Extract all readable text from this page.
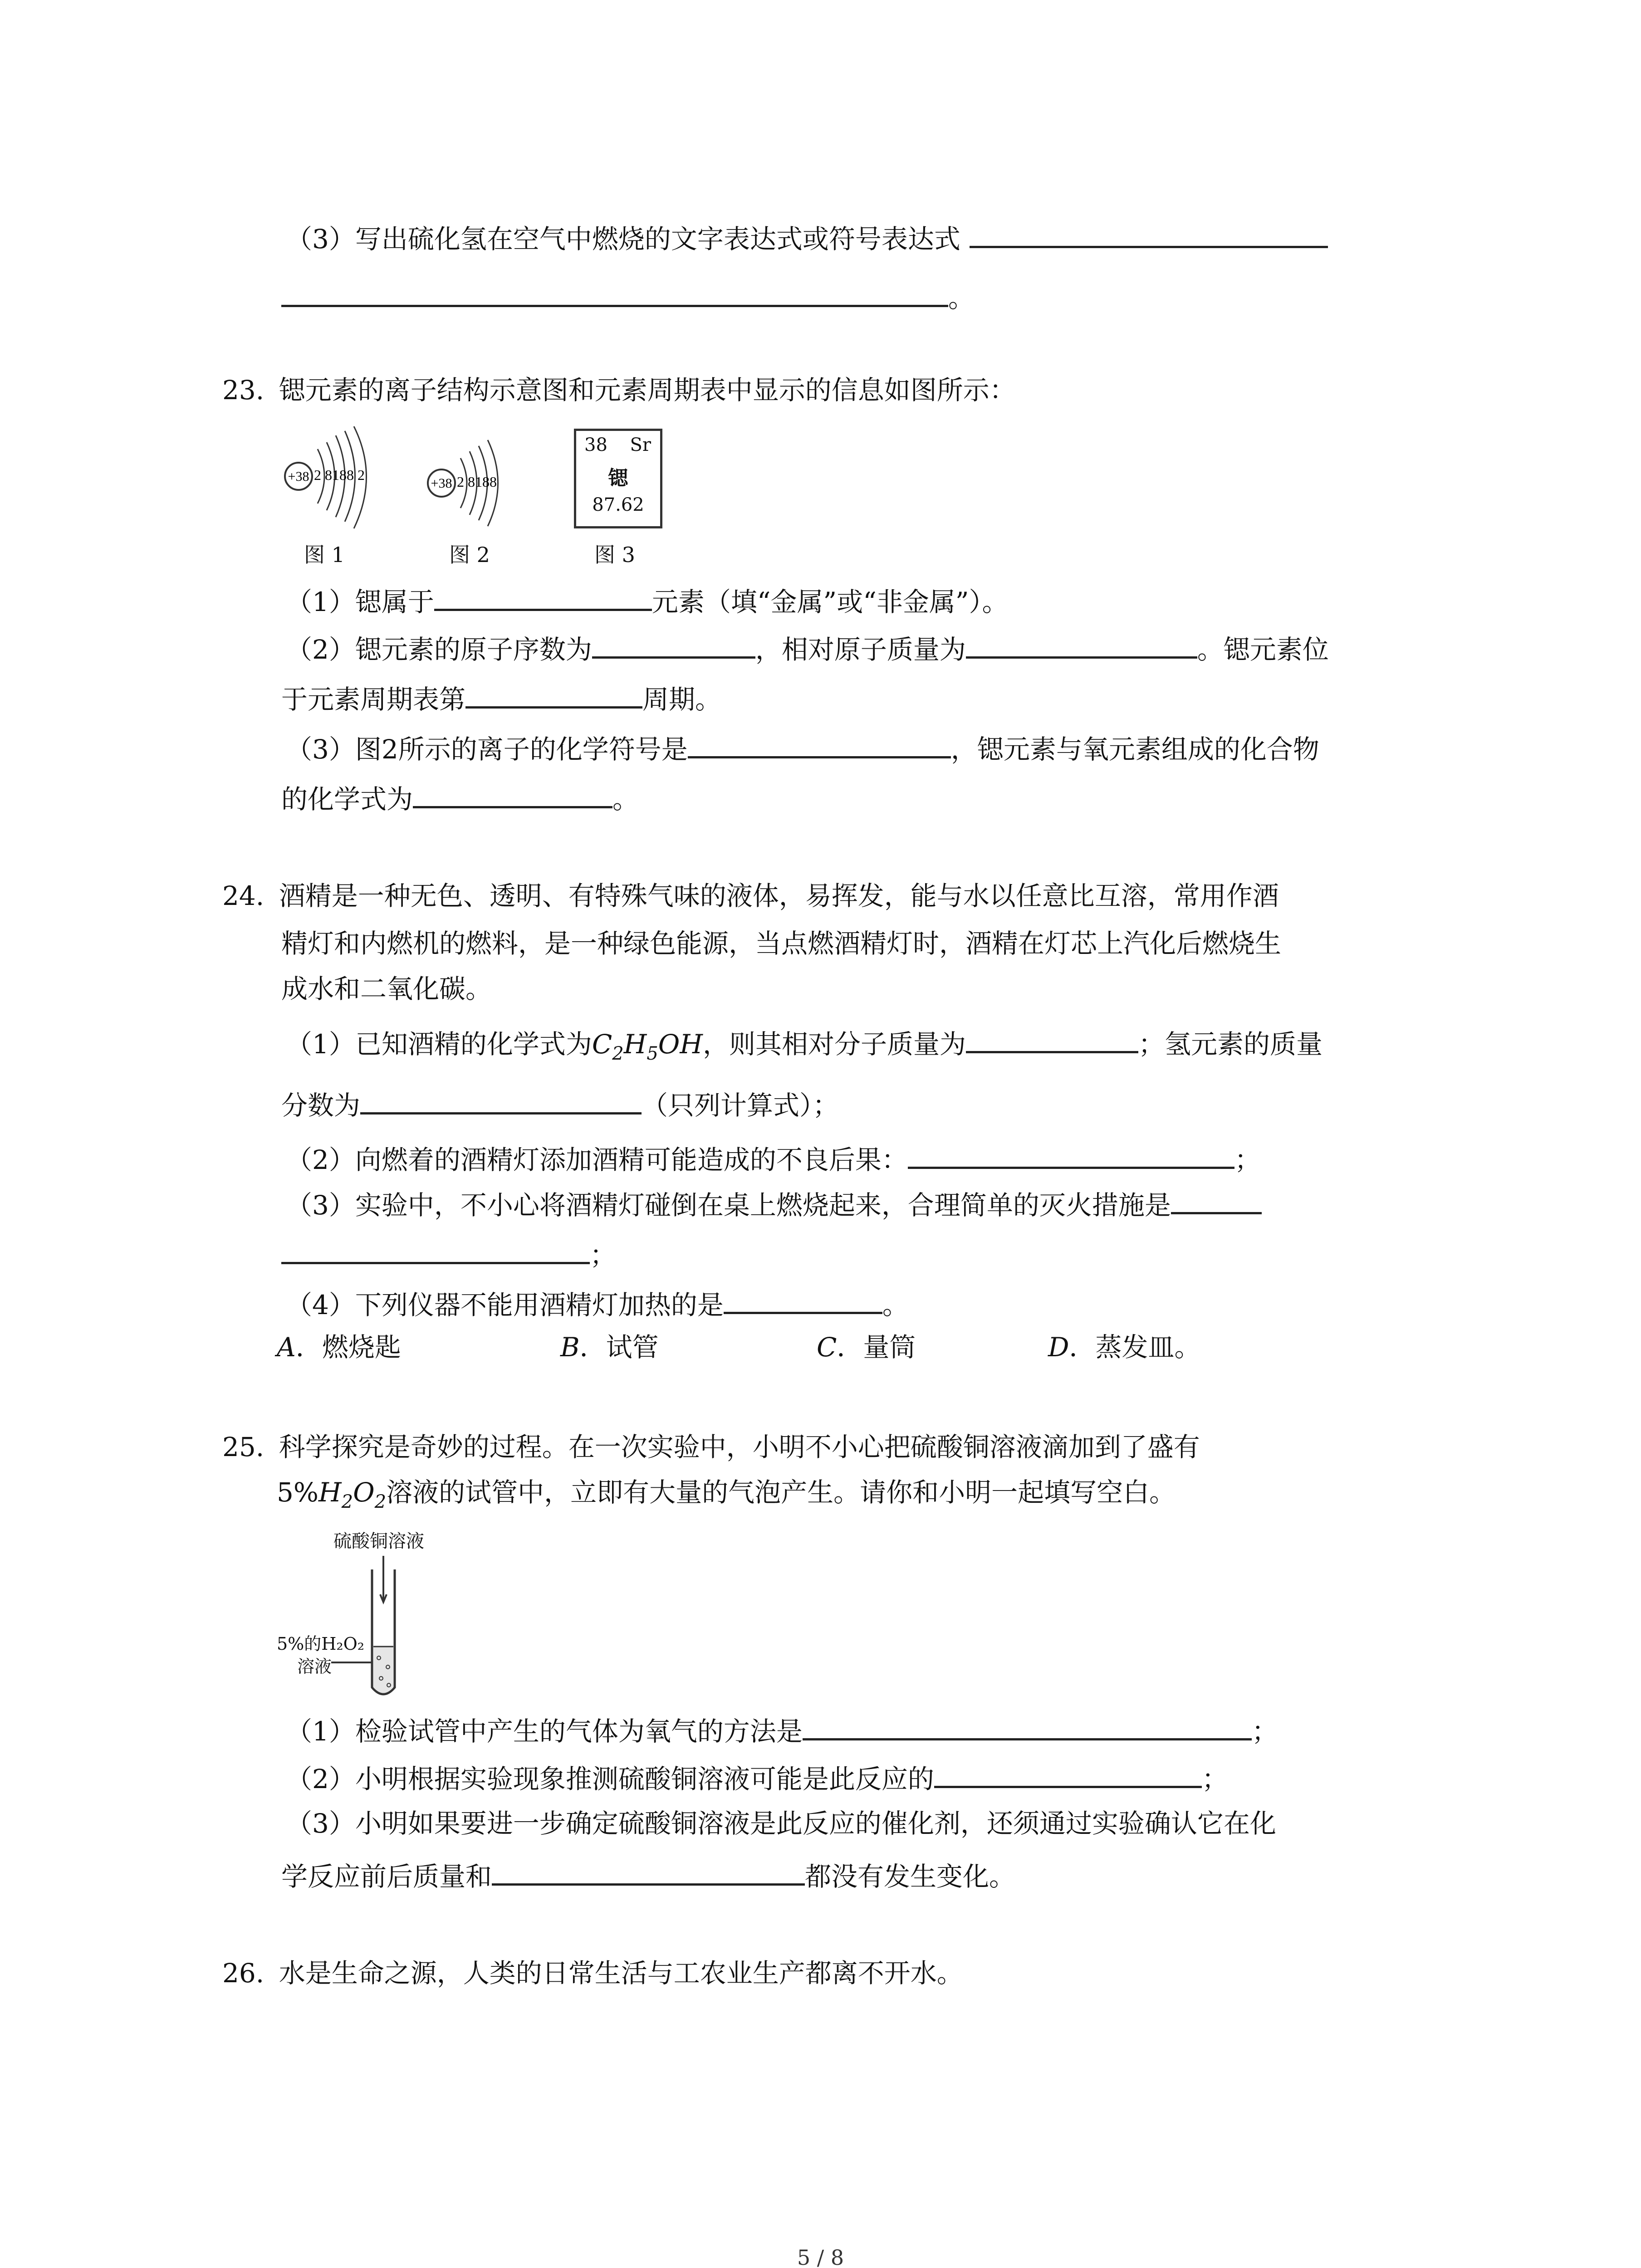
（3）写出硫化氢在空气中燃烧的文字表达式或符号表达式
。
23. 锶元素的离子结构示意图和元素周期表中显示的信息如图所示：
+38 2 8188 2
图 1
+38 2 8188
图 2
38 Sr
锶
87.62
图 3
（1）锶属于	元素（填“金属”或“非金属”）。
（2）锶元素的原子序数为	，相对原子质量为	。锶元素位
于元素周期表第	周期。
（3）图2所示的离子的化学符号是	，锶元素与氧元素组成的化合物
的化学式为	。
24. 酒精是一种无色、透明、有特殊气味的液体，易挥发，能与水以任意比互溶，常用作酒
精灯和内燃机的燃料，是一种绿色能源，当点燃酒精灯时，酒精在灯芯上汽化后燃烧生
成水和二氧化碳。
（1）已知酒精的化学式为$C_2H_5OH$，则其相对分子质量为	；氢元素的质量
分数为	（只列计算式）；
（2）向燃着的酒精灯添加酒精可能造成的不良后果：	；
（3）实验中，不小心将酒精灯碰倒在桌上燃烧起来，合理简单的灭火措施是
；
（4）下列仪器不能用酒精灯加热的是	。
A．燃烧匙	B．试管	C．量筒	D．蒸发皿。
25. 科学探究是奇妙的过程。在一次实验中，小明不小心把硫酸铜溶液滴加到了盛有
$5\%H_2O_2$溶液的试管中，立即有大量的气泡产生。请你和小明一起填写空白。
硫酸铜溶液
5%的H₂O₂
溶液
（1）检验试管中产生的气体为氧气的方法是	；
（2）小明根据实验现象推测硫酸铜溶液可能是此反应的	；
（3）小明如果要进一步确定硫酸铜溶液是此反应的催化剂，还须通过实验确认它在化
学反应前后质量和	都没有发生变化。
26. 水是生命之源，人类的日常生活与工农业生产都离不开水。
5 / 8
